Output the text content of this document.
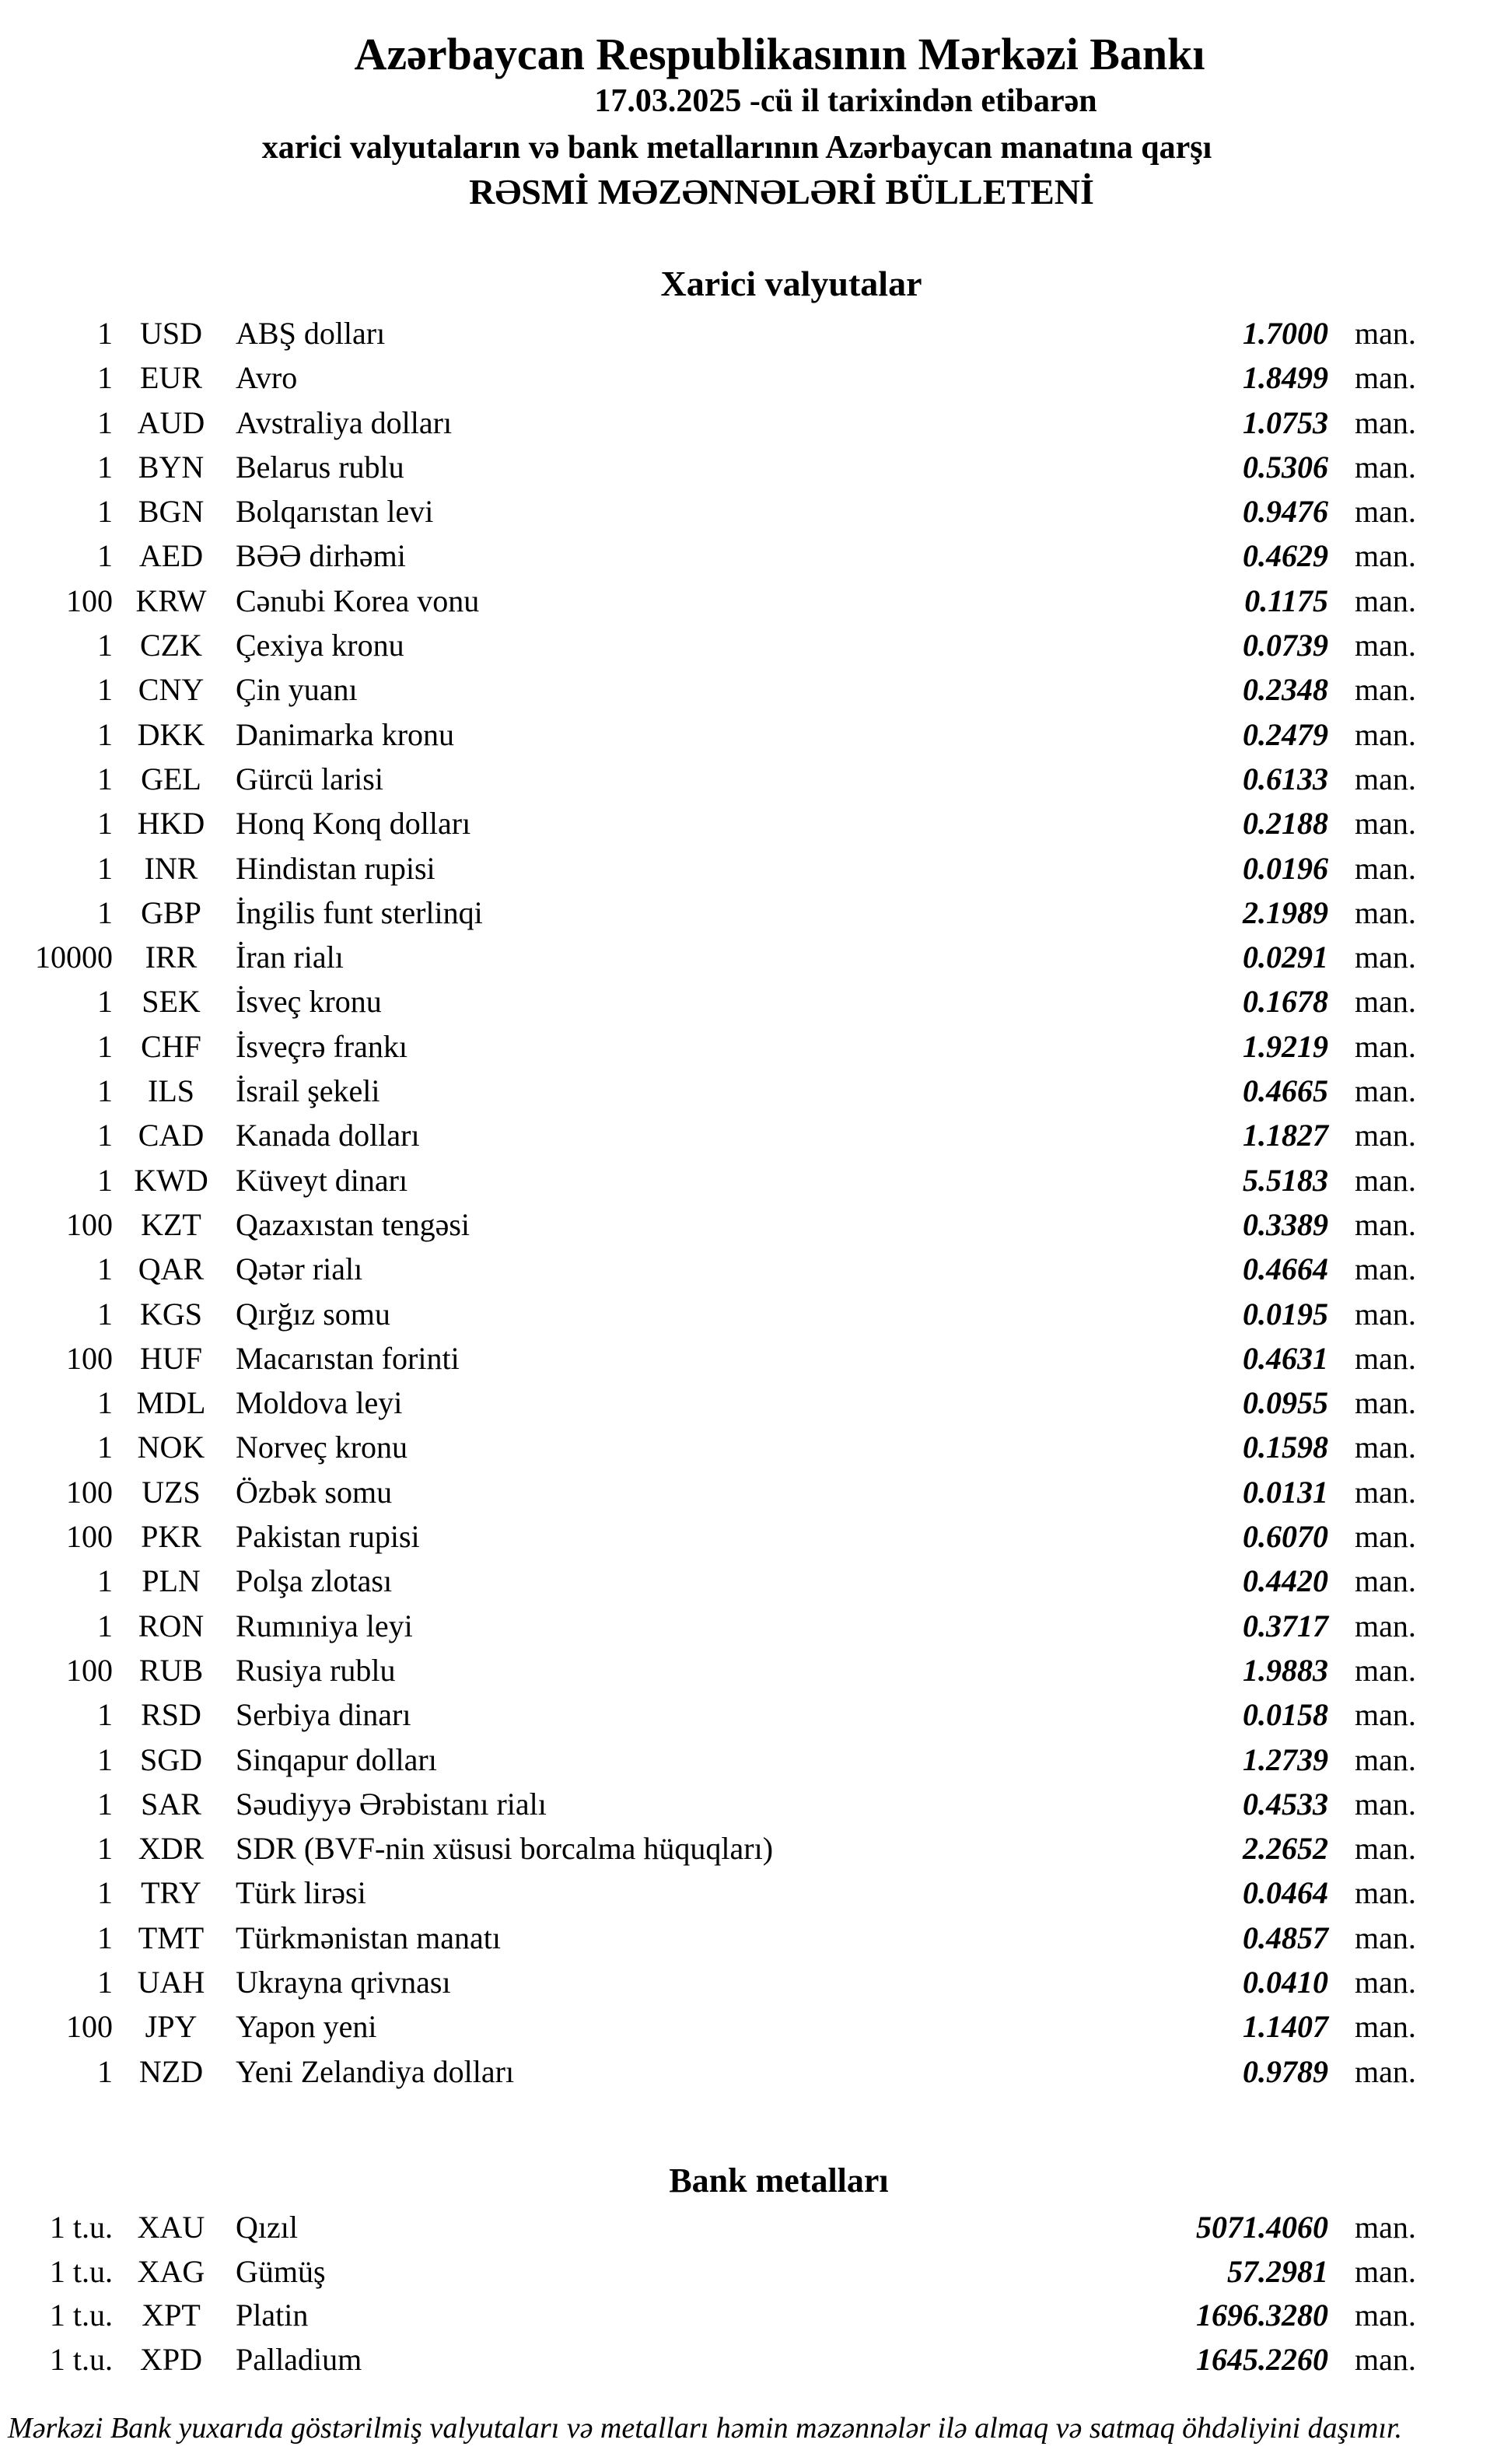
Azərbaycan Respublikasının Mərkəzi Bankı
17.03.2025 -cü il tarixindən etibarən
xarici valyutaların və bank metallarının Azərbaycan manatına qarşı
RƏSMİ MƏZƏNNƏLƏRİ BÜLLETENİ
Xarici valyutalar
1 USD	ABŞ dolları	1.7000 man.
1 EUR	Avro	1.8499 man.
1 AUD Avstraliya dolları	1.0753 man.
1 BYN	Belarus rublu	0.5306 man.
1 BGN	Bolqarıstan levi	0.9476 man.
1 AED	BƏƏ dirhəmi	0.4629 man.
100 KRW Cənubi Korea vonu	0.1175 man.
1 CZK	Çexiya kronu	0.0739 man.
1 CNY	Çin yuanı	0.2348 man.
1 DKK Danimarka kronu	0.2479 man.
1 GEL	Gürcü larisi	0.6133 man.
1 HKD Honq Konq dolları	0.2188 man.
1	INR	Hindistan rupisi	0.0196 man.
1 GBP	İngilis funt sterlinqi	2.1989 man.
10000	IRR	İran rialı	0.0291 man.
1 SEK	İsveç kronu	0.1678 man.
1 CHF	İsveçrə frankı	1.9219 man.
1	ILS	İsrail şekeli	0.4665 man.
1 CAD	Kanada dolları	1.1827 man.
1 KWD Küveyt dinarı	5.5183 man.
100 KZT	Qazaxıstan tengəsi	0.3389 man.
1 QAR	Qətər rialı	0.4664 man.
1 KGS	Qırğız somu	0.0195 man.
100 HUF	Macarıstan forinti	0.4631 man.
1 MDL Moldova leyi	0.0955 man.
1 NOK Norveç kronu	0.1598 man.
100 UZS	Özbək somu	0.0131 man.
100 PKR	Pakistan rupisi	0.6070 man.
1 PLN	Polşa zlotası	0.4420 man.
1 RON	Rumıniya leyi	0.3717 man.
100 RUB	Rusiya rublu	1.9883 man.
1 RSD	Serbiya dinarı	0.0158 man.
1 SGD	Sinqapur dolları	1.2739 man.
1 SAR	Səudiyyə Ərəbistanı rialı	0.4533 man.
1 XDR	SDR (BVF-nin xüsusi borcalma hüquqları)	2.2652 man.
1 TRY	Türk lirəsi	0.0464 man.
1 TMT	Türkmənistan manatı	0.4857 man.
1 UAH Ukrayna qrivnası	0.0410 man.
100	JPY	Yapon yeni	1.1407 man.
1 NZD	Yeni Zelandiya dolları	0.9789 man.
Bank metalları
1 t.u. XAU Qızıl	5071.4060 man.
1 t.u. XAG Gümüş	57.2981 man.
1 t.u. XPT	Platin	1696.3280 man.
1 t.u. XPD	Palladium	1645.2260 man.
Mərkəzi Bank yuxarıda göstərilmiş valyutaları və metalları həmin məzənnələr ilə almaq və satmaq öhdəliyini daşımır.
